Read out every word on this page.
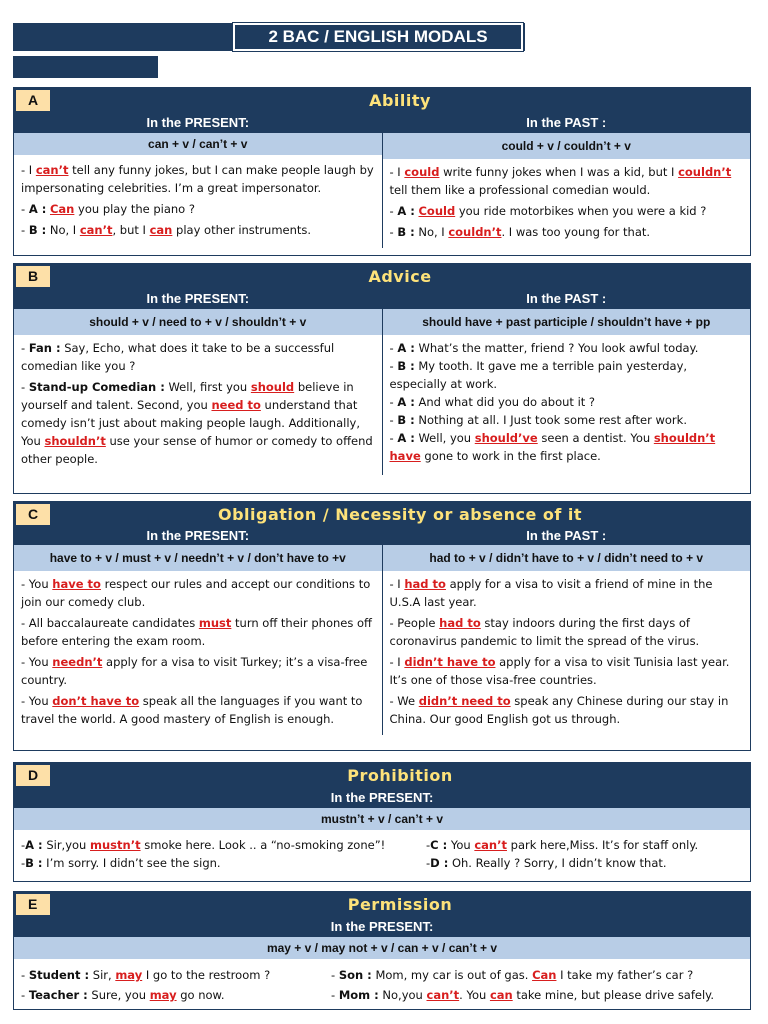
2 BAC / ENGLISH MODALS
A	Ability
In the PRESENT:
can + v / can’t + v
- I can’t tell any funny jokes, but I can make people laugh by impersonating celebrities. I’m a great impersonator.
- A : Can you play the piano ?
- B : No, I can’t, but I can play other instruments.
In the PAST :
could + v / couldn’t + v
- I could write funny jokes when I was a kid, but I couldn’t tell them like a professional comedian would.
- A : Could you ride motorbikes when you were a kid ?
- B : No, I couldn’t. I was too young for that.
B	Advice
In the PRESENT:
should + v / need to + v / shouldn’t + v
- Fan : Say, Echo, what does it take to be a successful comedian like you ?
- Stand-up Comedian : Well, first you should believe in yourself and talent. Second, you need to understand that comedy isn’t just about making people laugh. Additionally, You shouldn’t use your sense of humor or comedy to offend other people.
In the PAST :
should have + past participle / shouldn’t have + pp
- A : What’s the matter, friend ? You look awful today.
- B : My tooth. It gave me a terrible pain yesterday, especially at work.
- A : And what did you do about it ?
- B : Nothing at all. I Just took some rest after work.
- A : Well, you should’ve seen a dentist. You shouldn’t have gone to work in the first place.
C	Obligation / Necessity or absence of it
In the PRESENT:
have to + v / must + v / needn’t + v / don’t have to +v
- You have to respect our rules and accept our conditions to join our comedy club.
- All baccalaureate candidates must turn off their phones off before entering the exam room.
- You needn’t apply for a visa to visit Turkey; it’s a visa-free country.
- You don’t have to speak all the languages if you want to travel the world. A good mastery of English is enough.
In the PAST :
had to + v / didn’t have to + v / didn’t need to + v
- I had to apply for a visa to visit a friend of mine in the U.S.A last year.
- People had to stay indoors during the first days of coronavirus pandemic to limit the spread of the virus.
- I didn’t have to apply for a visa to visit Tunisia last year. It’s one of those visa-free countries.
- We didn’t need to speak any Chinese during our stay in China. Our good English got us through.
D	Prohibition
In the PRESENT:
mustn’t + v / can’t + v
-A : Sir,you mustn’t smoke here. Look .. a “no-smoking zone”!
-B : I’m sorry. I didn’t see the sign.
-C : You can’t park here,Miss. It’s for staff only.
-D : Oh. Really ? Sorry, I didn’t know that.
E	Permission
In the PRESENT:
may + v / may not + v / can + v / can’t + v
- Student : Sir, may I go to the restroom ?
- Teacher : Sure, you may go now.
- Son : Mom, my car is out of gas. Can I take my father’s car ?
- Mom : No,you can’t. You can take mine, but please drive safely.
